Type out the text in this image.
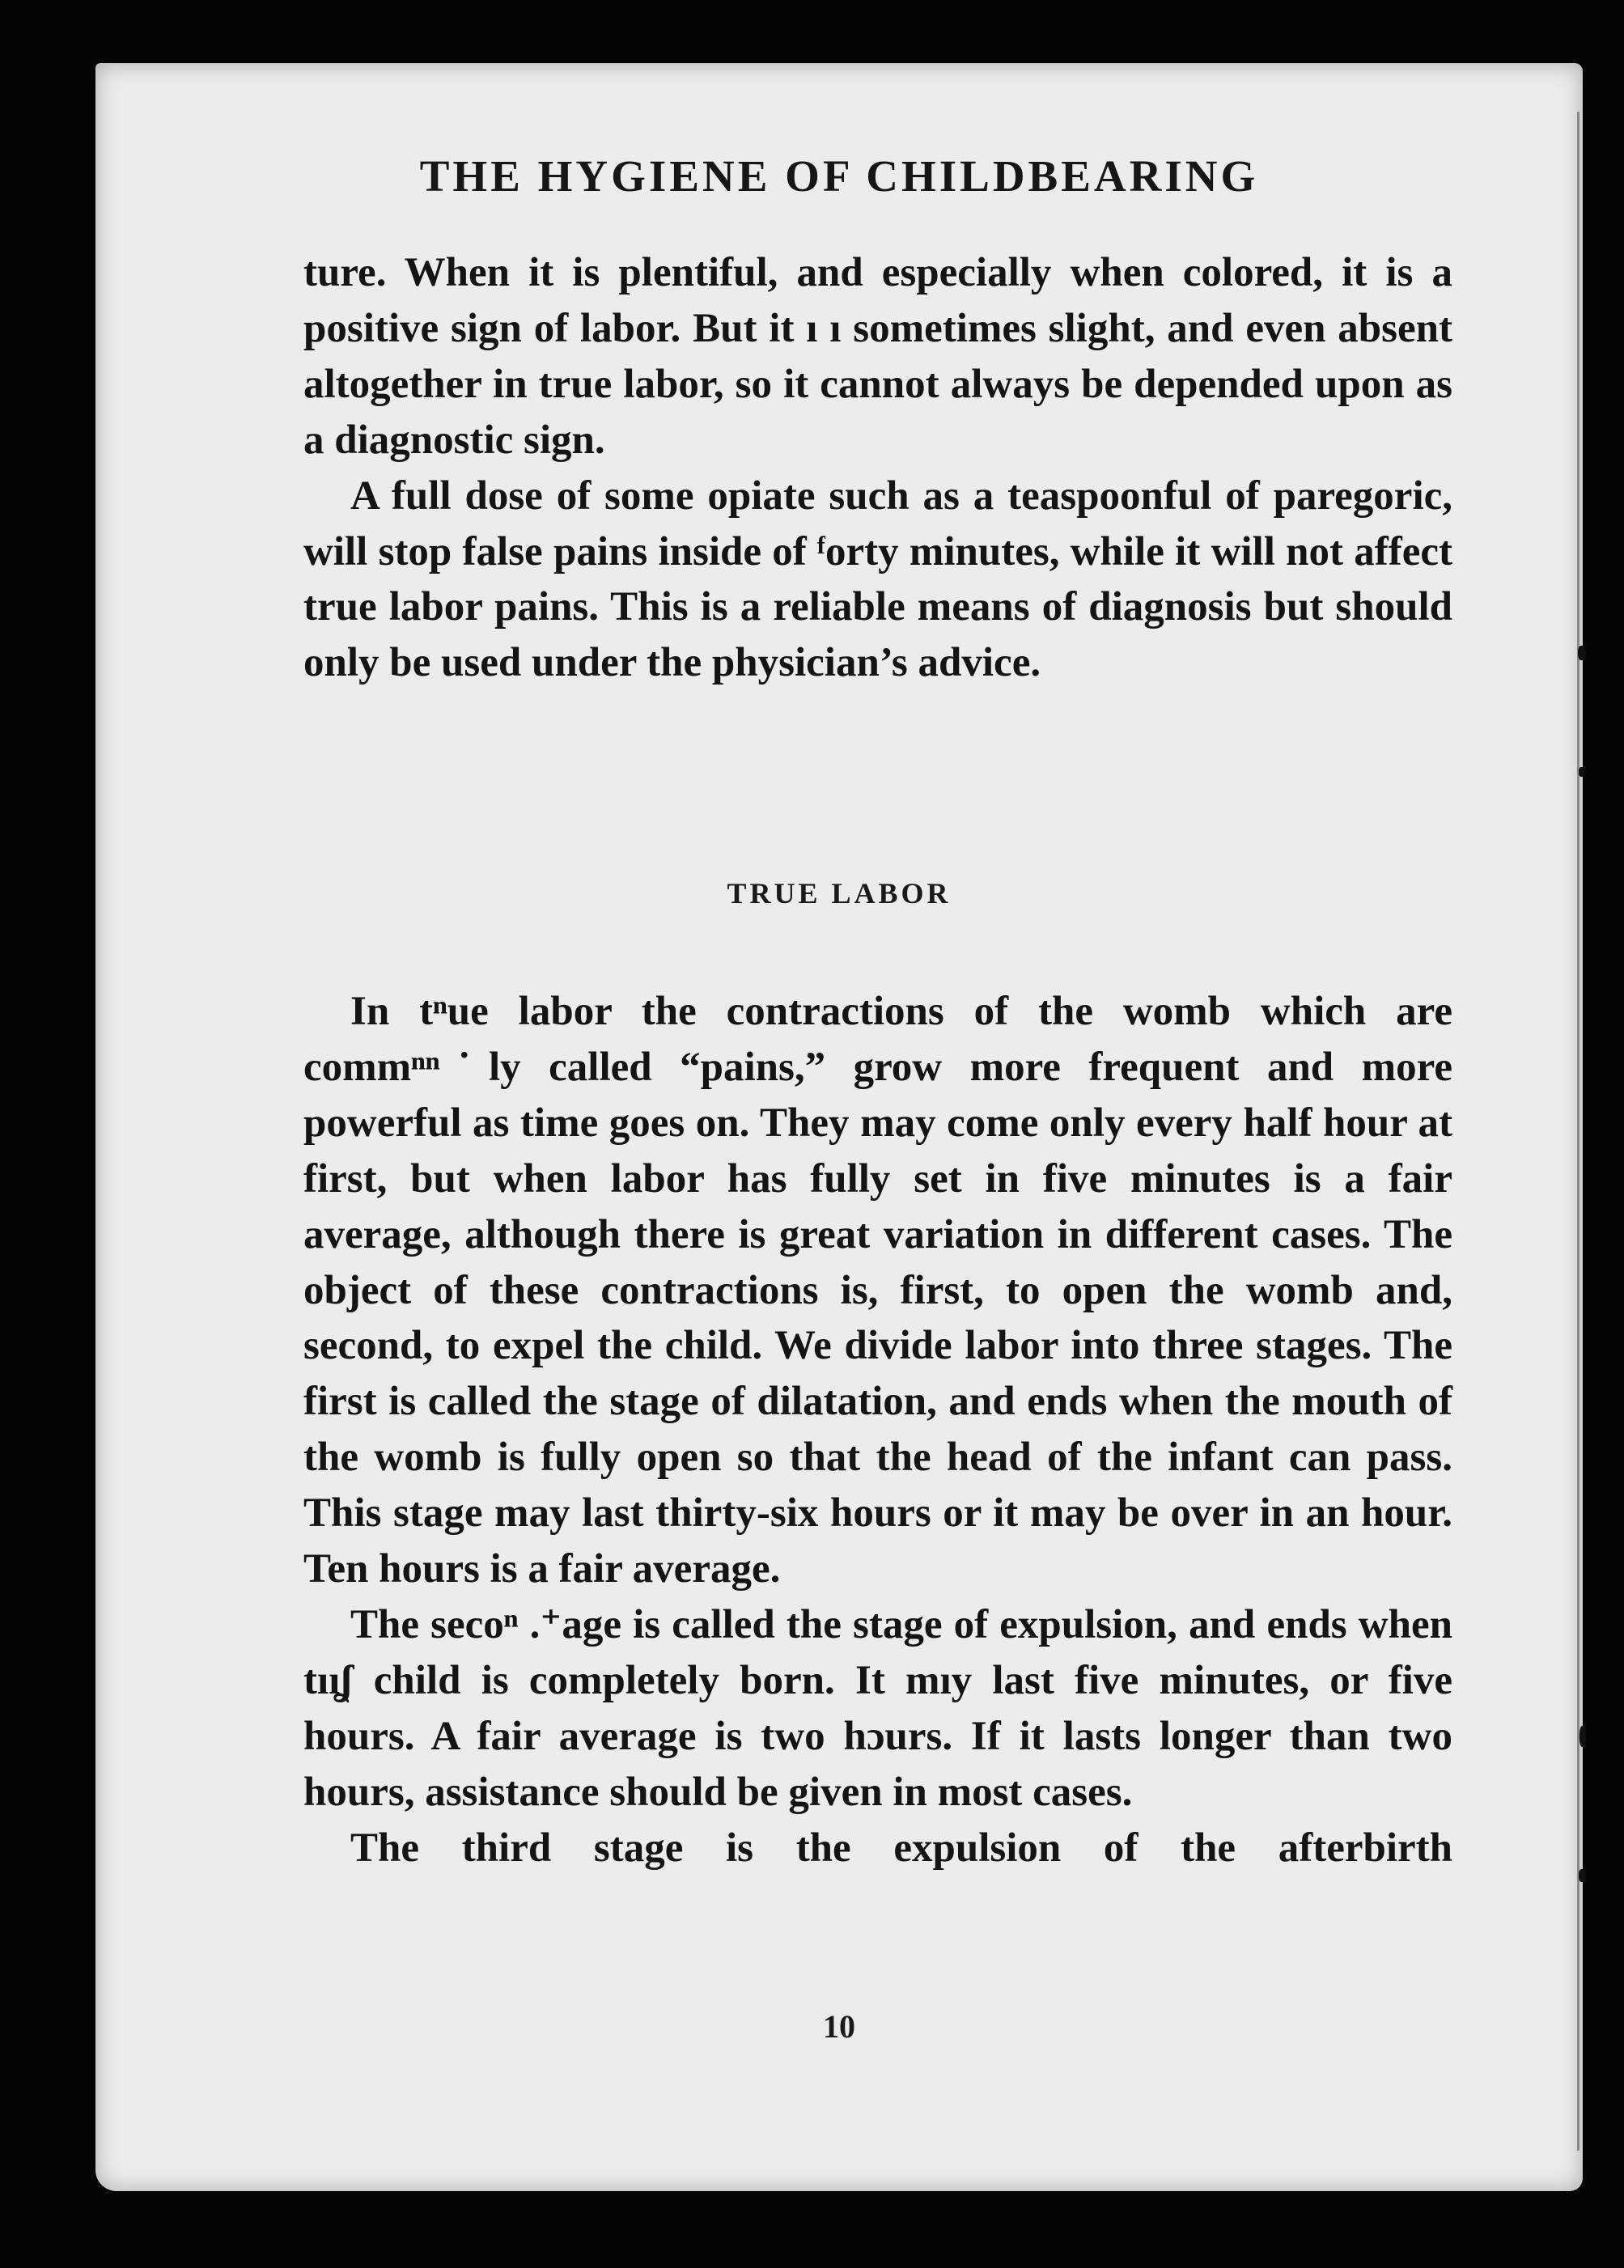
THE HYGIENE OF CHILDBEARING

ture. When it is plentiful, and especially when colored, it is a positive sign of labor. But it ı ı sometimes slight, and even absent altogether in true labor, so it cannot always be depended upon as a diagnostic sign.

A full dose of some opiate such as a teaspoonful of paregoric, will stop false pains inside of ᶠorty minutes, while it will not affect true labor pains. This is a reliable means of diagnosis but should only be used under the physician’s advice.

TRUE LABOR

In tⁿue labor the contractions of the womb which are commⁿⁿ˙ly called “pains,” grow more frequent and more powerful as time goes on. They may come only every half hour at first, but when labor has fully set in five minutes is a fair average, although there is great variation in different cases. The object of these contractions is, first, to open the womb and, second, to expel the child. We divide labor into three stages. The first is called the stage of dilatation, and ends when the mouth of the womb is fully open so that the head of the infant can pass. This stage may last thirty-six hours or it may be over in an hour. Ten hours is a fair average.

The secoⁿ .⁺age is called the stage of expulsion, and ends when tııʆ child is completely born. It mıy last five minutes, or five hours. A fair average is two hɔurs. If it lasts longer than two hours, assistance should be given in most cases.

The third stage is the expulsion of the afterbirth

10
